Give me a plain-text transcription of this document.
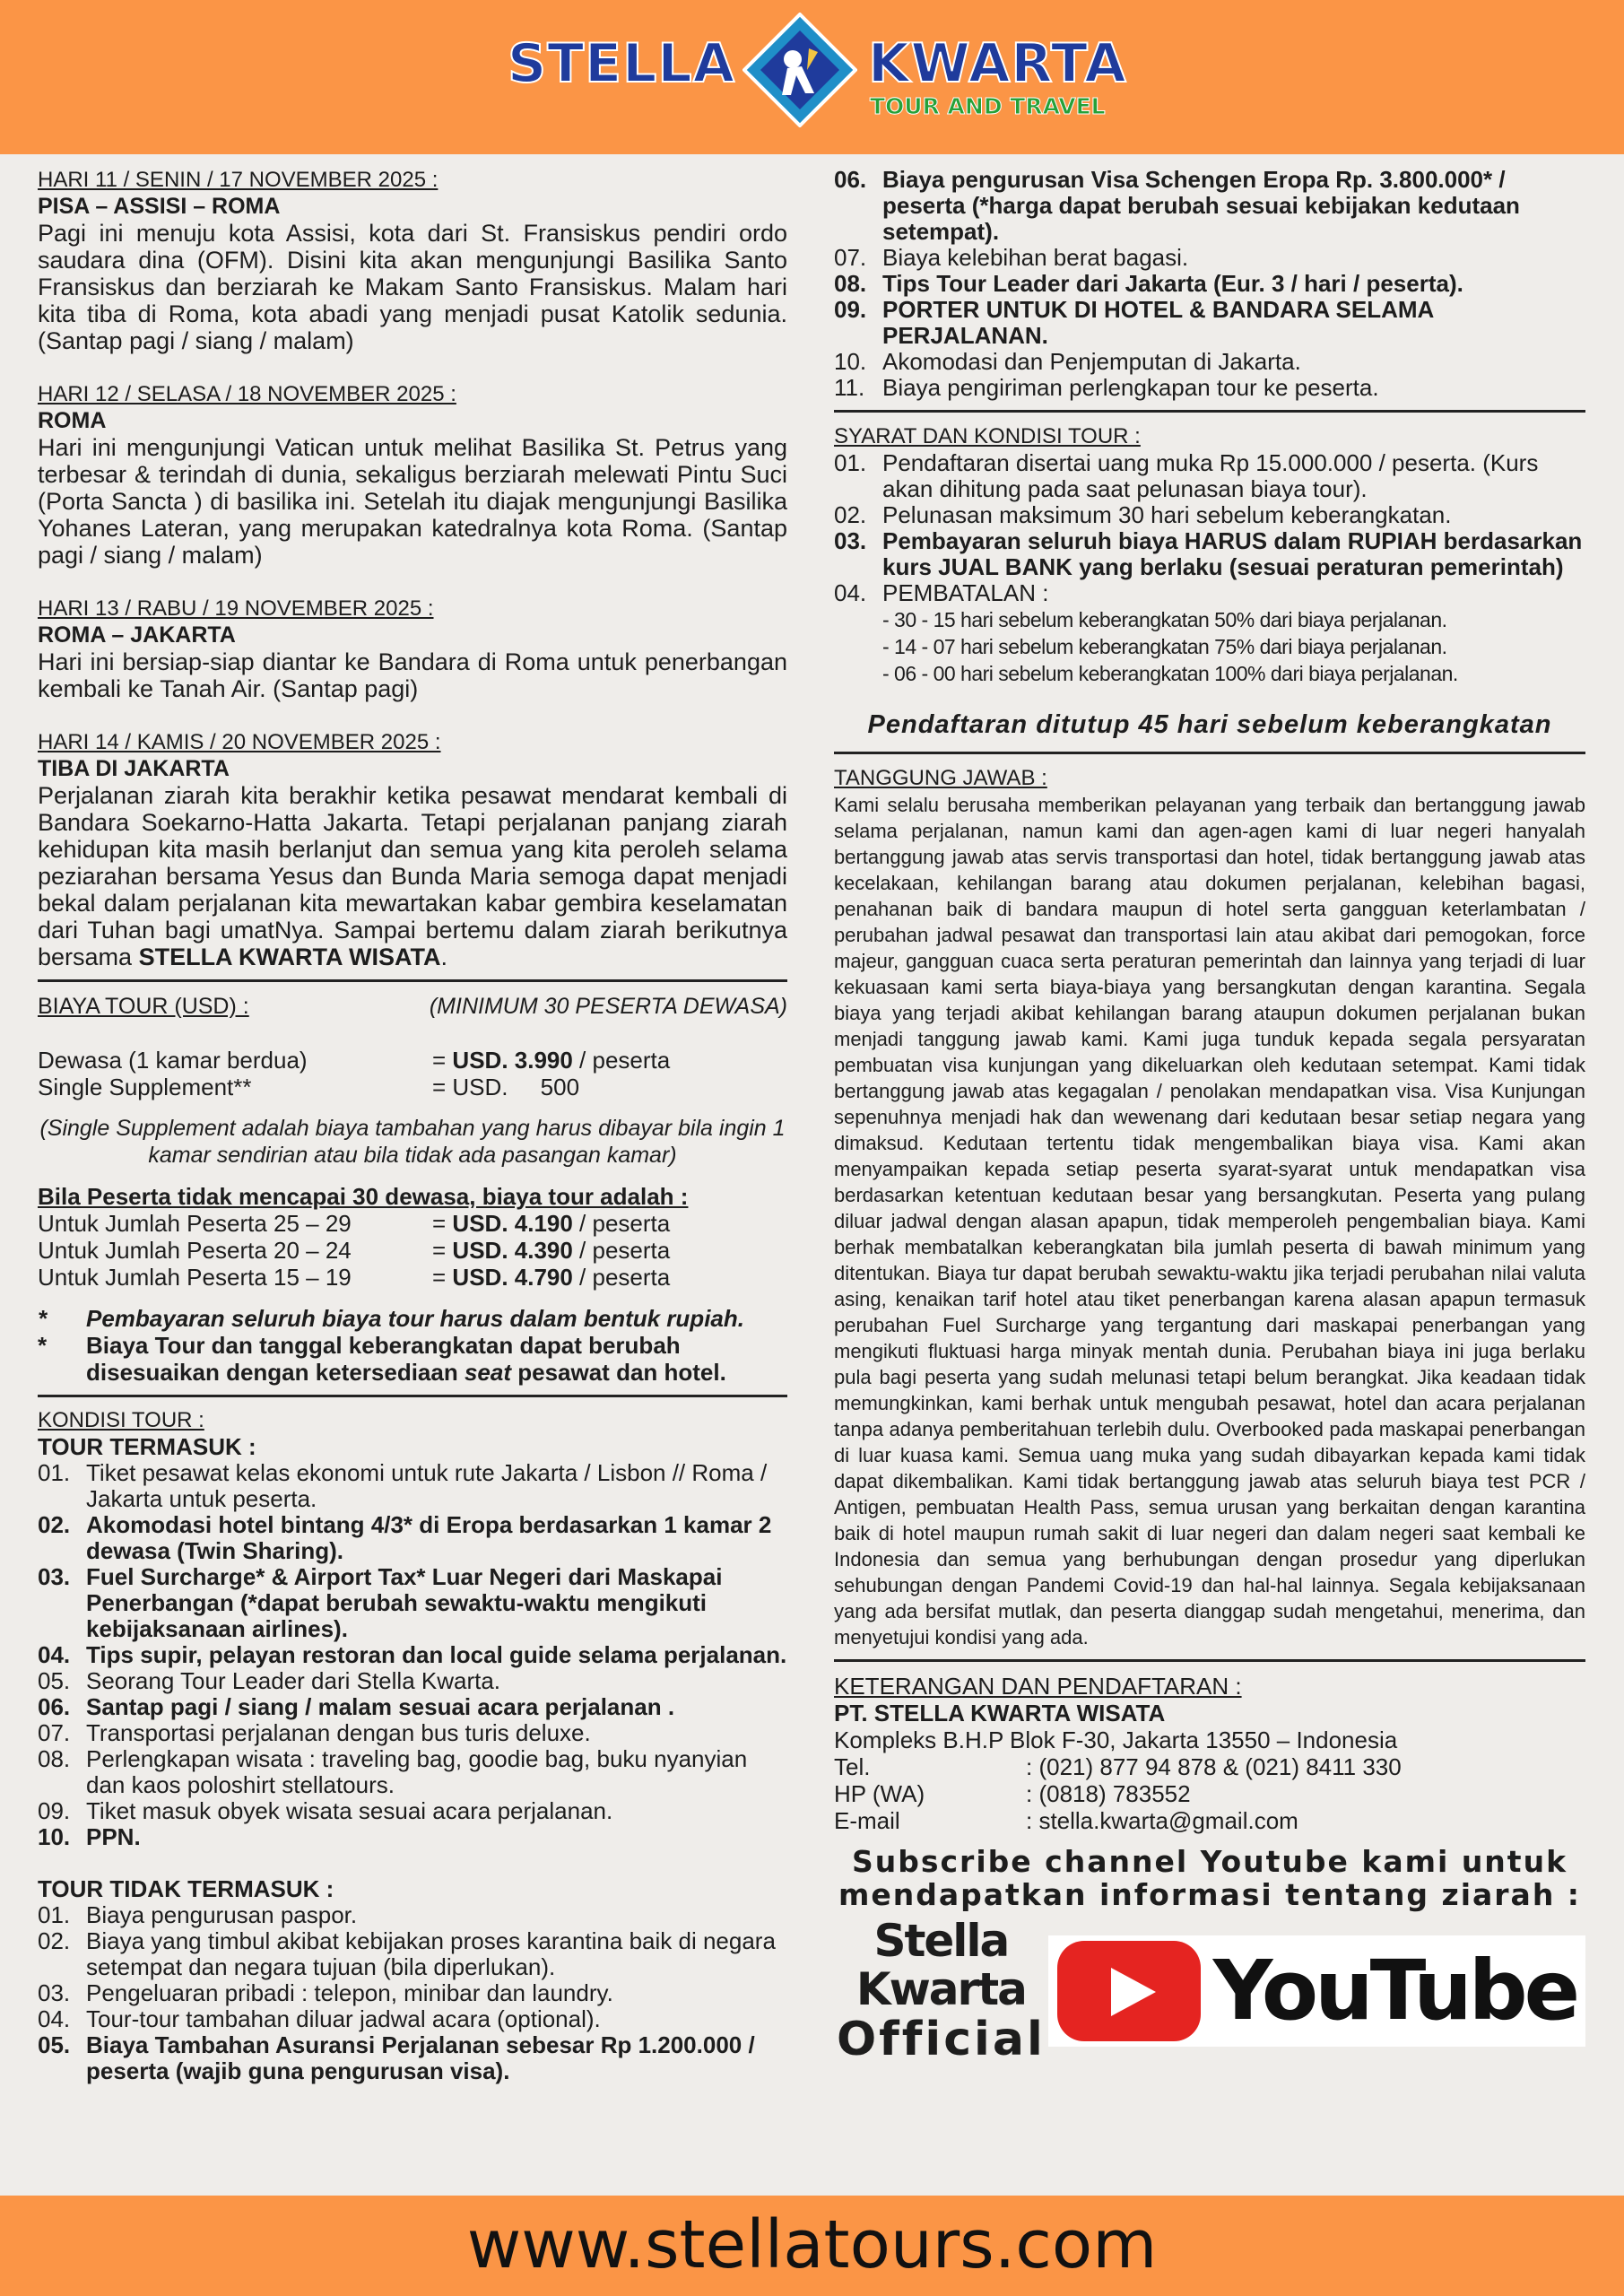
STELLA KWARTA
TOUR AND TRAVEL
HARI 11 / SENIN / 17 NOVEMBER 2025 :
PISA – ASSISI – ROMA
Pagi ini menuju kota Assisi, kota dari St. Fransiskus pendiri ordo saudara dina (OFM). Disini kita akan mengunjungi Basilika Santo Fransiskus dan berziarah ke Makam Santo Fransiskus. Malam hari kita tiba di Roma, kota abadi yang menjadi pusat Katolik sedunia. (Santap pagi / siang / malam)
HARI 12 / SELASA / 18 NOVEMBER 2025 :
ROMA
Hari ini mengunjungi Vatican untuk melihat Basilika St. Petrus yang terbesar & terindah di dunia, sekaligus berziarah melewati Pintu Suci (Porta Sancta ) di basilika ini. Setelah itu diajak mengunjungi Basilika Yohanes Lateran, yang merupakan katedralnya kota Roma. (Santap pagi / siang / malam)
HARI 13 / RABU / 19 NOVEMBER 2025 :
ROMA – JAKARTA
Hari ini bersiap-siap diantar ke Bandara di Roma untuk penerbangan kembali ke Tanah Air. (Santap pagi)
HARI 14 / KAMIS / 20 NOVEMBER 2025 :
TIBA DI JAKARTA
Perjalanan ziarah kita berakhir ketika pesawat mendarat kembali di Bandara Soekarno-Hatta Jakarta. Tetapi perjalanan panjang ziarah kehidupan kita masih berlanjut dan semua yang kita peroleh selama peziarahan bersama Yesus dan Bunda Maria semoga dapat menjadi bekal dalam perjalanan kita mewartakan kabar gembira keselamatan dari Tuhan bagi umatNya. Sampai bertemu dalam ziarah berikutnya bersama STELLA KWARTA WISATA.
BIAYA TOUR (USD) :	(MINIMUM 30 PESERTA DEWASA)
Dewasa (1 kamar berdua)	= USD. 3.990 / peserta
Single Supplement**	= USD.     500
(Single Supplement adalah biaya tambahan yang harus dibayar bila ingin 1 kamar sendirian atau bila tidak ada pasangan kamar)
Bila Peserta tidak mencapai 30 dewasa, biaya tour adalah :
Untuk Jumlah Peserta 25 – 29	= USD. 4.190 / peserta
Untuk Jumlah Peserta 20 – 24	= USD. 4.390 / peserta
Untuk Jumlah Peserta 15 – 19	= USD. 4.790 / peserta
*	Pembayaran seluruh biaya tour harus dalam bentuk rupiah.
*	Biaya Tour dan tanggal keberangkatan dapat berubah disesuaikan dengan ketersediaan seat pesawat dan hotel.
KONDISI TOUR :
TOUR TERMASUK :
01. Tiket pesawat kelas ekonomi untuk rute Jakarta / Lisbon // Roma / Jakarta untuk peserta.
02. Akomodasi hotel bintang 4/3* di Eropa berdasarkan 1 kamar 2 dewasa (Twin Sharing).
03. Fuel Surcharge* & Airport Tax* Luar Negeri dari Maskapai Penerbangan (*dapat berubah sewaktu-waktu mengikuti kebijaksanaan airlines).
04. Tips supir, pelayan restoran dan local guide selama perjalanan.
05. Seorang Tour Leader dari Stella Kwarta.
06. Santap pagi / siang / malam sesuai acara perjalanan .
07. Transportasi perjalanan dengan bus turis deluxe.
08. Perlengkapan wisata : traveling bag, goodie bag, buku nyanyian dan kaos poloshirt stellatours.
09. Tiket masuk obyek wisata sesuai acara perjalanan.
10. PPN.
TOUR TIDAK TERMASUK :
01. Biaya pengurusan paspor.
02. Biaya yang timbul akibat kebijakan proses karantina baik di negara setempat dan negara tujuan (bila diperlukan).
03. Pengeluaran pribadi : telepon, minibar dan laundry.
04. Tour-tour tambahan diluar jadwal acara (optional).
05. Biaya Tambahan Asuransi Perjalanan sebesar Rp 1.200.000 / peserta (wajib guna pengurusan visa).
06. Biaya pengurusan Visa Schengen Eropa Rp. 3.800.000* / peserta (*harga dapat berubah sesuai kebijakan kedutaan setempat).
07. Biaya kelebihan berat bagasi.
08. Tips Tour Leader dari Jakarta (Eur. 3 / hari / peserta).
09. PORTER UNTUK DI HOTEL & BANDARA SELAMA PERJALANAN.
10. Akomodasi dan Penjemputan di Jakarta.
11. Biaya pengiriman perlengkapan tour ke peserta.
SYARAT DAN KONDISI TOUR :
01. Pendaftaran disertai uang muka Rp 15.000.000 / peserta. (Kurs akan dihitung pada saat pelunasan biaya tour).
02. Pelunasan maksimum 30 hari sebelum keberangkatan.
03. Pembayaran seluruh biaya HARUS dalam RUPIAH berdasarkan kurs JUAL BANK yang berlaku (sesuai peraturan pemerintah)
04. PEMBATALAN :
- 30 - 15 hari sebelum keberangkatan 50% dari biaya perjalanan.
- 14 - 07 hari sebelum keberangkatan 75% dari biaya perjalanan.
- 06 - 00 hari sebelum keberangkatan 100% dari biaya perjalanan.
Pendaftaran ditutup 45 hari sebelum keberangkatan
TANGGUNG JAWAB :
Kami selalu berusaha memberikan pelayanan yang terbaik dan bertanggung jawab selama perjalanan, namun kami dan agen-agen kami di luar negeri hanyalah bertanggung jawab atas servis transportasi dan hotel, tidak bertanggung jawab atas kecelakaan, kehilangan barang atau dokumen perjalanan, kelebihan bagasi, penahanan baik di bandara maupun di hotel serta gangguan keterlambatan / perubahan jadwal pesawat dan transportasi lain atau akibat dari pemogokan, force majeur, gangguan cuaca serta peraturan pemerintah dan lainnya yang terjadi di luar kekuasaan kami serta biaya-biaya yang bersangkutan dengan karantina. Segala biaya yang terjadi akibat kehilangan barang ataupun dokumen perjalanan bukan menjadi tanggung jawab kami. Kami juga tunduk kepada segala persyaratan pembuatan visa kunjungan yang dikeluarkan oleh kedutaan setempat. Kami tidak bertanggung jawab atas kegagalan / penolakan mendapatkan visa. Visa Kunjungan sepenuhnya menjadi hak dan wewenang dari kedutaan besar setiap negara yang dimaksud. Kedutaan tertentu tidak mengembalikan biaya visa. Kami akan menyampaikan kepada setiap peserta syarat-syarat untuk mendapatkan visa berdasarkan ketentuan kedutaan besar yang bersangkutan. Peserta yang pulang diluar jadwal dengan alasan apapun, tidak memperoleh pengembalian biaya. Kami berhak membatalkan keberangkatan bila jumlah peserta di bawah minimum yang ditentukan. Biaya tur dapat berubah sewaktu-waktu jika terjadi perubahan nilai valuta asing, kenaikan tarif hotel atau tiket penerbangan karena alasan apapun termasuk perubahan Fuel Surcharge yang tergantung dari maskapai penerbangan yang mengikuti fluktuasi harga minyak mentah dunia. Perubahan biaya ini juga berlaku pula bagi peserta yang sudah melunasi tetapi belum berangkat. Jika keadaan tidak memungkinkan, kami berhak untuk mengubah pesawat, hotel dan acara perjalanan tanpa adanya pemberitahuan terlebih dulu. Overbooked pada maskapai penerbangan di luar kuasa kami. Semua uang muka yang sudah dibayarkan kepada kami tidak dapat dikembalikan. Kami tidak bertanggung jawab atas seluruh biaya test PCR / Antigen, pembuatan Health Pass, semua urusan yang berkaitan dengan karantina baik di hotel maupun rumah sakit di luar negeri dan dalam negeri saat kembali ke Indonesia dan semua yang berhubungan dengan prosedur yang diperlukan sehubungan dengan Pandemi Covid-19 dan hal-hal lainnya. Segala kebijaksanaan yang ada bersifat mutlak, dan peserta dianggap sudah mengetahui, menerima, dan menyetujui kondisi yang ada.
KETERANGAN DAN PENDAFTARAN :
PT. STELLA KWARTA WISATA
Kompleks B.H.P Blok F-30, Jakarta 13550 – Indonesia
Tel.	: (021) 877 94 878 & (021) 8411 330
HP (WA)	: (0818) 783552
E-mail	: stella.kwarta@gmail.com
Subscribe channel Youtube kami untuk
mendapatkan informasi tentang ziarah :
Stella Kwarta
Official
YouTube
www.stellatours.com
